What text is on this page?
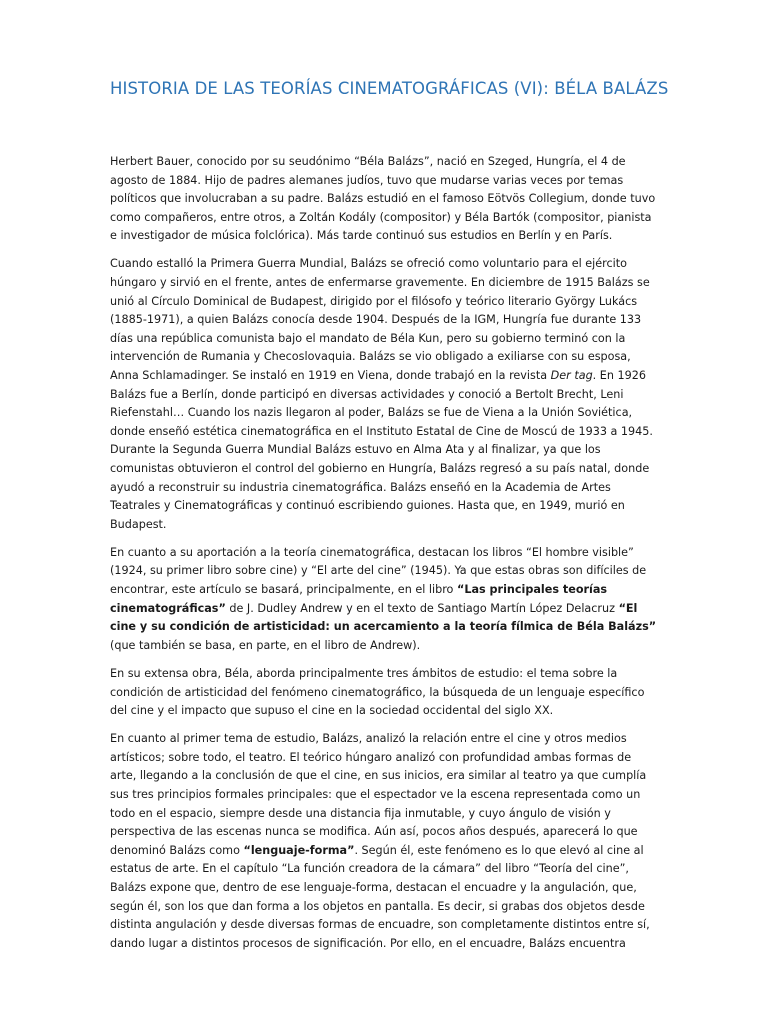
HISTORIA DE LAS TEORÍAS CINEMATOGRÁFICAS (VI): BÉLA BALÁZS

Herbert Bauer, conocido por su seudónimo “Béla Balázs”, nació en Szeged, Hungría, el 4 de agosto de 1884. Hijo de padres alemanes judíos, tuvo que mudarse varias veces por temas políticos que involucraban a su padre. Balázs estudió en el famoso Eötvös Collegium, donde tuvo como compañeros, entre otros, a Zoltán Kodály (compositor) y Béla Bartók (compositor, pianista e investigador de música folclórica). Más tarde continuó sus estudios en Berlín y en París.

Cuando estalló la Primera Guerra Mundial, Balázs se ofreció como voluntario para el ejército húngaro y sirvió en el frente, antes de enfermarse gravemente. En diciembre de 1915 Balázs se unió al Círculo Dominical de Budapest, dirigido por el filósofo y teórico literario György Lukács (1885-1971), a quien Balázs conocía desde 1904. Después de la IGM, Hungría fue durante 133 días una república comunista bajo el mandato de Béla Kun, pero su gobierno terminó con la intervención de Rumania y Checoslovaquia. Balázs se vio obligado a exiliarse con su esposa, Anna Schlamadinger. Se instaló en 1919 en Viena, donde trabajó en la revista Der tag. En 1926 Balázs fue a Berlín, donde participó en diversas actividades y conoció a Bertolt Brecht, Leni Riefenstahl… Cuando los nazis llegaron al poder, Balázs se fue de Viena a la Unión Soviética, donde enseñó estética cinematográfica en el Instituto Estatal de Cine de Moscú de 1933 a 1945. Durante la Segunda Guerra Mundial Balázs estuvo en Alma Ata y al finalizar, ya que los comunistas obtuvieron el control del gobierno en Hungría, Balázs regresó a su país natal, donde ayudó a reconstruir su industria cinematográfica. Balázs enseñó en la Academia de Artes Teatrales y Cinematográficas y continuó escribiendo guiones. Hasta que, en 1949, murió en Budapest.

En cuanto a su aportación a la teoría cinematográfica, destacan los libros “El hombre visible” (1924, su primer libro sobre cine) y “El arte del cine” (1945). Ya que estas obras son difíciles de encontrar, este artículo se basará, principalmente, en el libro “Las principales teorías cinematográficas” de J. Dudley Andrew y en el texto de Santiago Martín López Delacruz “El cine y su condición de artisticidad: un acercamiento a la teoría fílmica de Béla Balázs” (que también se basa, en parte, en el libro de Andrew).

En su extensa obra, Béla, aborda principalmente tres ámbitos de estudio: el tema sobre la condición de artisticidad del fenómeno cinematográfico, la búsqueda de un lenguaje específico del cine y el impacto que supuso el cine en la sociedad occidental del siglo XX.

En cuanto al primer tema de estudio, Balázs, analizó la relación entre el cine y otros medios artísticos; sobre todo, el teatro. El teórico húngaro analizó con profundidad ambas formas de arte, llegando a la conclusión de que el cine, en sus inicios, era similar al teatro ya que cumplía sus tres principios formales principales: que el espectador ve la escena representada como un todo en el espacio, siempre desde una distancia fija inmutable, y cuyo ángulo de visión y perspectiva de las escenas nunca se modifica. Aún así, pocos años después, aparecerá lo que denominó Balázs como “lenguaje-forma”. Según él, este fenómeno es lo que elevó al cine al estatus de arte. En el capítulo “La función creadora de la cámara” del libro “Teoría del cine”, Balázs expone que, dentro de ese lenguaje-forma, destacan el encuadre y la angulación, que, según él, son los que dan forma a los objetos en pantalla. Es decir, si grabas dos objetos desde distinta angulación y desde diversas formas de encuadre, son completamente distintos entre sí, dando lugar a distintos procesos de significación. Por ello, en el encuadre, Balázs encuentra
